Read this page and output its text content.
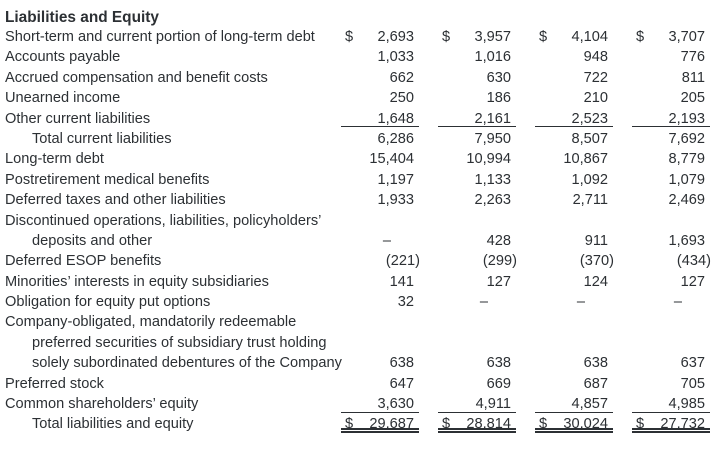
Liabilities and Equity
Short-term and current portion of long-term debt	$ 2,693 $ 3,957 $ 4,104 $ 3,707
Accounts payable	1,033	1,016	948	776
Accrued compensation and benefit costs	662	630	722	811
Unearned income	250	186	210	205
Other current liabilities	1,648	2,161	2,523	2,193
Total current liabilities	6,286	7,950	8,507	7,692
Long-term debt	15,404	10,994	10,867	8,779
Postretirement medical benefits	1,197	1,133	1,092	1,079
Deferred taxes and other liabilities	1,933	2,263	2,711	2,469
Discontinued operations, liabilities, policyholders’
deposits and other	–	428	911	1,693
Deferred ESOP benefits	(221)	(299)	(370)	(434)
Minorities’ interests in equity subsidiaries	141	127	124	127
Obligation for equity put options	32	–	–	–
Company-obligated, mandatorily redeemable
preferred securities of subsidiary trust holding
solely subordinated debentures of the Company	638	638	638	637
Preferred stock	647	669	687	705
Common shareholders’ equity	3,630	4,911	4,857	4,985
Total liabilities and equity	$ 29,687 $ 28,814 $ 30,024 $ 27,732
